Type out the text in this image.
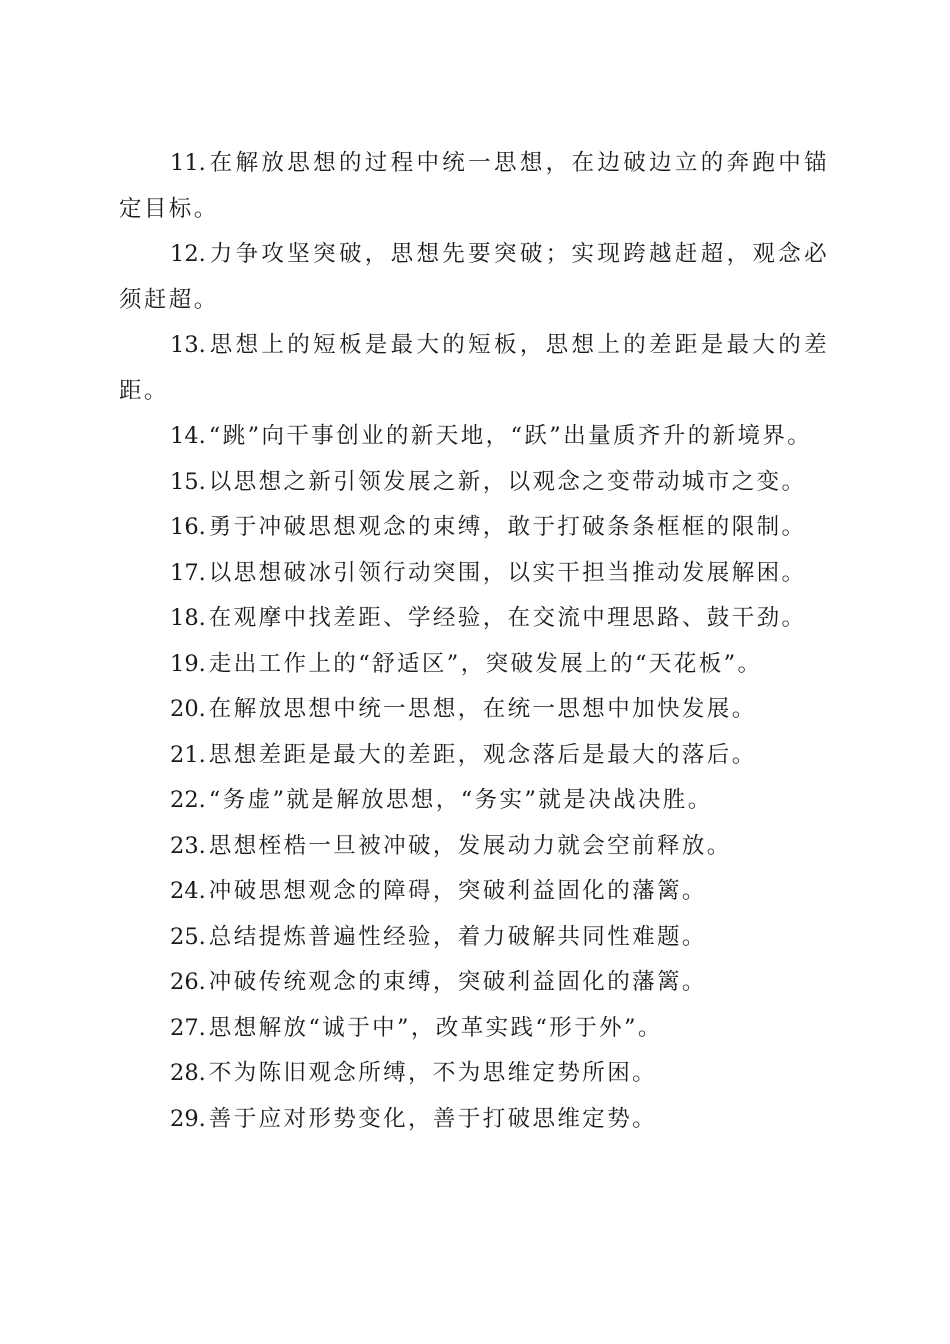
11. 在解放思想的过程中统一思想，在边破边立的奔跑中锚定目标。

12. 力争攻坚突破，思想先要突破；实现跨越赶超，观念必须赶超。

13. 思想上的短板是最大的短板，思想上的差距是最大的差距。

14. “跳”向干事创业的新天地，“跃”出量质齐升的新境界。

15. 以思想之新引领发展之新，以观念之变带动城市之变。

16. 勇于冲破思想观念的束缚，敢于打破条条框框的限制。

17. 以思想破冰引领行动突围，以实干担当推动发展解困。

18. 在观摩中找差距、学经验，在交流中理思路、鼓干劲。

19. 走出工作上的“舒适区”，突破发展上的“天花板”。

20. 在解放思想中统一思想，在统一思想中加快发展。

21. 思想差距是最大的差距，观念落后是最大的落后。

22. “务虚”就是解放思想，“务实”就是决战决胜。

23. 思想桎梏一旦被冲破，发展动力就会空前释放。

24. 冲破思想观念的障碍，突破利益固化的藩篱。

25. 总结提炼普遍性经验，着力破解共同性难题。

26. 冲破传统观念的束缚，突破利益固化的藩篱。

27. 思想解放“诚于中”，改革实践“形于外”。

28. 不为陈旧观念所缚，不为思维定势所困。

29. 善于应对形势变化，善于打破思维定势。
